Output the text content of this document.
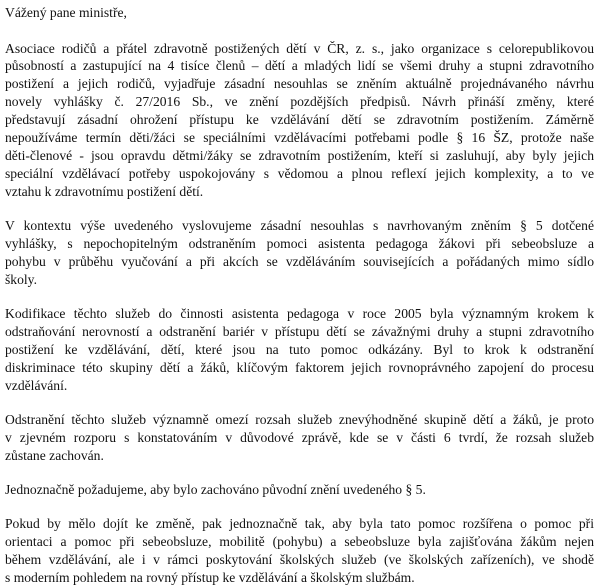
Vážený pane ministře,
Asociace rodičů a přátel zdravotně postižených dětí v ČR, z. s., jako organizace s celorepublikovou
působností a zastupující na 4 tisíce členů – dětí a mladých lidí se všemi druhy a stupni zdravotního
postižení a jejich rodičů, vyjadřuje zásadní nesouhlas se zněním aktuálně projednávaného návrhu
novely vyhlášky č. 27/2016 Sb., ve znění pozdějších předpisů. Návrh přináší změny, které
představují zásadní ohrožení přístupu ke vzdělávání dětí se zdravotním postižením. Záměrně
nepoužíváme termín děti/žáci se speciálními vzdělávacími potřebami podle § 16 ŠZ, protože naše
děti-členové - jsou opravdu dětmi/žáky se zdravotním postižením, kteří si zasluhují, aby byly jejich
speciální vzdělávací potřeby uspokojovány s vědomou a plnou reflexí jejich komplexity, a to ve
vztahu k zdravotnímu postižení dětí.
V kontextu výše uvedeného vyslovujeme zásadní nesouhlas s navrhovaným zněním § 5 dotčené
vyhlášky, s nepochopitelným odstraněním pomoci asistenta pedagoga žákovi při sebeobsluze a
pohybu v průběhu vyučování a při akcích se vzděláváním souvisejících a pořádaných mimo sídlo
školy.
Kodifikace těchto služeb do činnosti asistenta pedagoga v roce 2005 byla významným krokem k
odstraňování nerovností a odstranění bariér v přístupu dětí se závažnými druhy a stupni zdravotního
postižení ke vzdělávání, dětí, které jsou na tuto pomoc odkázány. Byl to krok k odstranění
diskriminace této skupiny dětí a žáků, klíčovým faktorem jejich rovnoprávného zapojení do procesu
vzdělávání.
Odstranění těchto služeb významně omezí rozsah služeb znevýhodněné skupině dětí a žáků, je proto
v zjevném rozporu s konstatováním v důvodové zprávě, kde se v části 6 tvrdí, že rozsah služeb
zůstane zachován.
Jednoznačně požadujeme, aby bylo zachováno původní znění uvedeného § 5.
Pokud by mělo dojít ke změně, pak jednoznačně tak, aby byla tato pomoc rozšířena o pomoc při
orientaci a pomoc při sebeobsluze, mobilitě (pohybu) a sebeobsluze byla zajišťována žákům nejen
během vzdělávání, ale i v rámci poskytování školských služeb (ve školských zařízeních), ve shodě
s moderním pohledem na rovný přístup ke vzdělávání a školským službám.
